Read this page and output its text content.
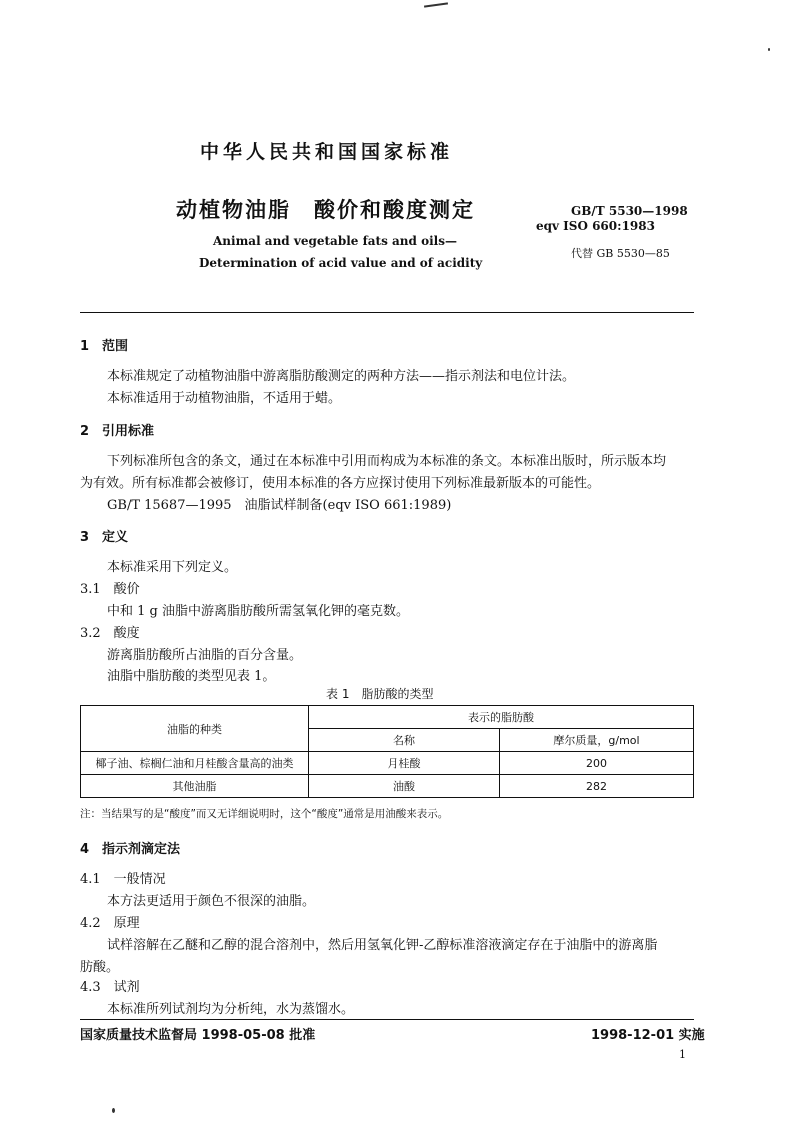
中华人民共和国国家标准
动植物油脂　酸价和酸度测定
Animal and vegetable fats and oils—
Determination of acid value and of acidity
GB/T 5530—1998
eqv ISO 660:1983
代替 GB 5530—85
1　范围
本标准规定了动植物油脂中游离脂肪酸测定的两种方法——指示剂法和电位计法。
本标准适用于动植物油脂，不适用于蜡。
2　引用标准
下列标准所包含的条文，通过在本标准中引用而构成为本标准的条文。本标准出版时，所示版本均
为有效。所有标准都会被修订，使用本标准的各方应探讨使用下列标准最新版本的可能性。
GB/T 15687—1995　油脂试样制备(eqv ISO 661:1989)
3　定义
本标准采用下列定义。
3.1　酸价
中和 1 g 油脂中游离脂肪酸所需氢氧化钾的毫克数。
3.2　酸度
游离脂肪酸所占油脂的百分含量。
油脂中脂肪酸的类型见表 1。
表 1　脂肪酸的类型
油脂的种类	表示的脂肪酸	
	名称	摩尔质量，g/mol
椰子油、棕榈仁油和月桂酸含量高的油类	月桂酸	200
其他油脂	油酸	282
注：当结果写的是“酸度”而又无详细说明时，这个“酸度”通常是用油酸来表示。
4　指示剂滴定法
4.1　一般情况
本方法更适用于颜色不很深的油脂。
4.2　原理
试样溶解在乙醚和乙醇的混合溶剂中，然后用氢氧化钾-乙醇标准溶液滴定存在于油脂中的游离脂
肪酸。
4.3　试剂
本标准所列试剂均为分析纯，水为蒸馏水。
国家质量技术监督局 1998-05-08 批准	1998-12-01 实施
1
